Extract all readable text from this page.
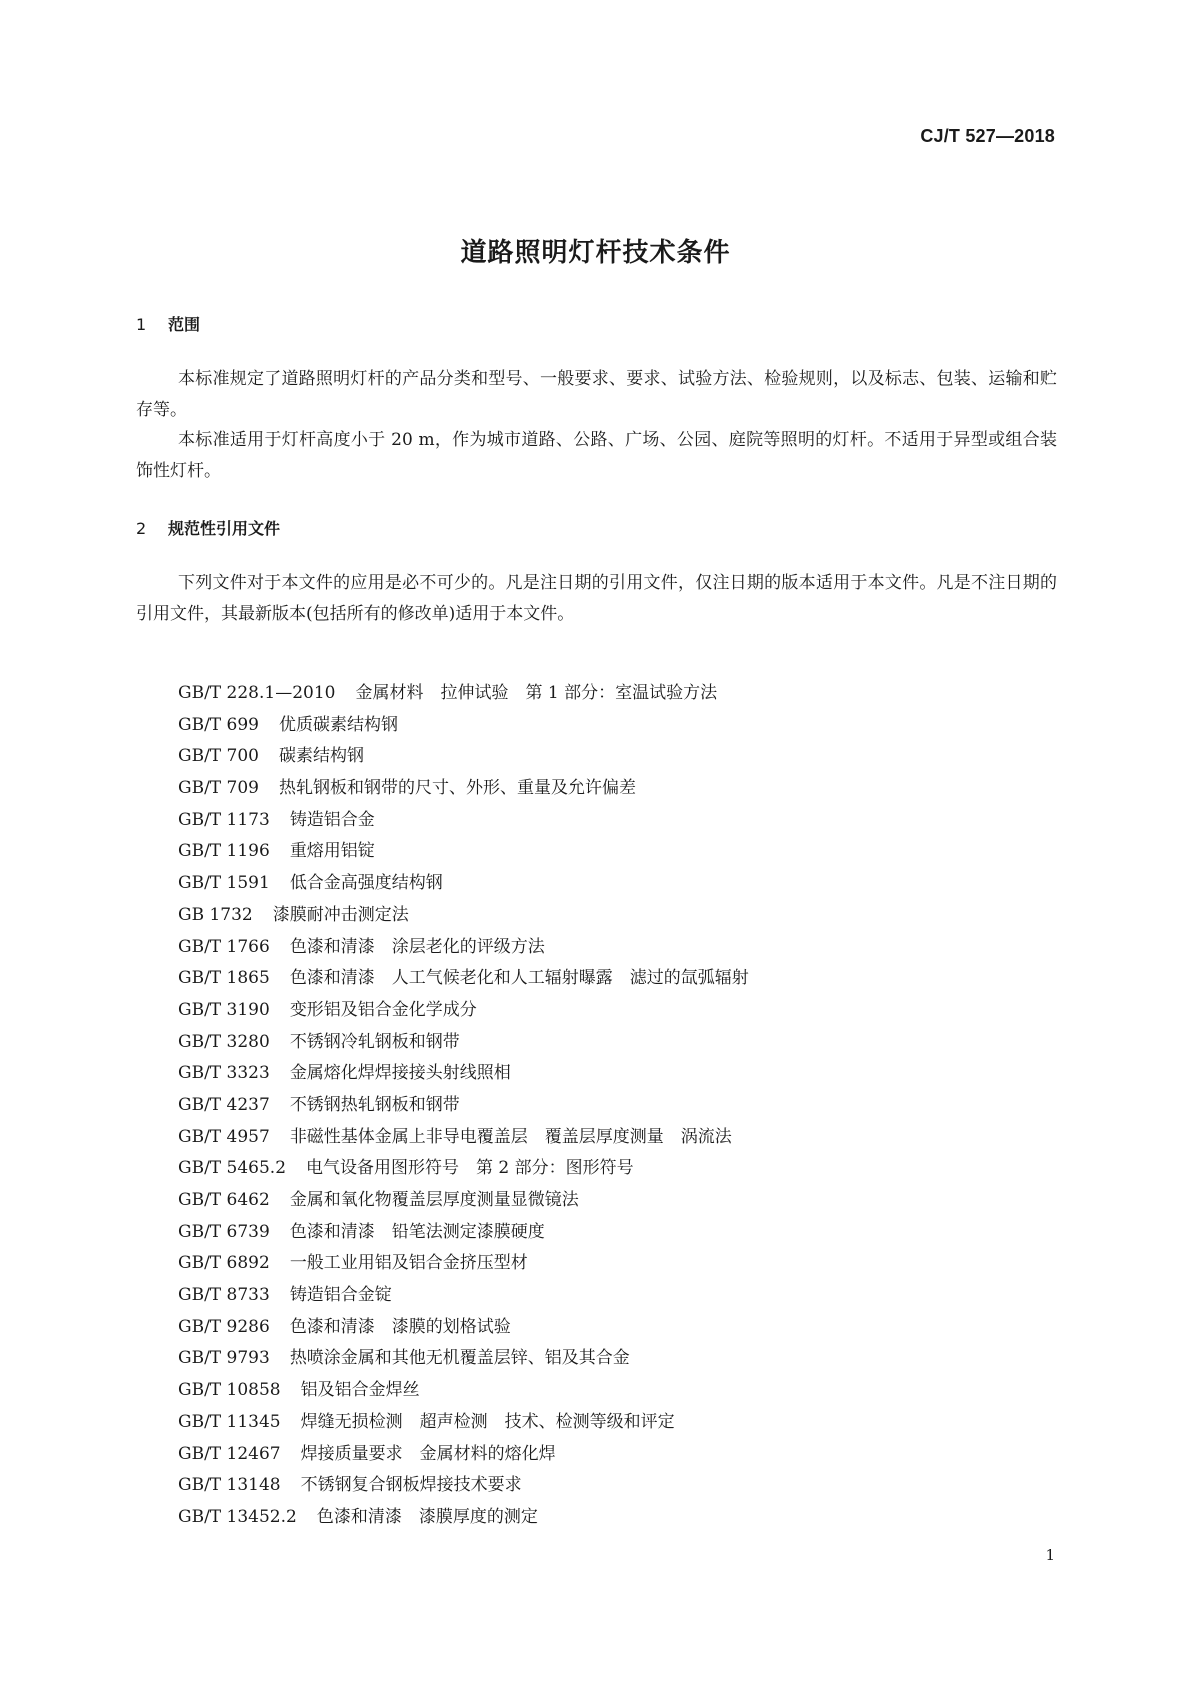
CJ/T 527—2018
道路照明灯杆技术条件
1 范围

本标准规定了道路照明灯杆的产品分类和型号、一般要求、要求、试验方法、检验规则，以及标志、包装、运输和贮存等。

本标准适用于灯杆高度小于 20 m，作为城市道路、公路、广场、公园、庭院等照明的灯杆。不适用于异型或组合装饰性灯杆。

2 规范性引用文件

下列文件对于本文件的应用是必不可少的。凡是注日期的引用文件，仅注日期的版本适用于本文件。凡是不注日期的引用文件，其最新版本(包括所有的修改单)适用于本文件。

GB/T 228.1—2010 金属材料　拉伸试验　第 1 部分：室温试验方法
GB/T 699 优质碳素结构钢
GB/T 700 碳素结构钢
GB/T 709 热轧钢板和钢带的尺寸、外形、重量及允许偏差
GB/T 1173 铸造铝合金
GB/T 1196 重熔用铝锭
GB/T 1591 低合金高强度结构钢
GB 1732 漆膜耐冲击测定法
GB/T 1766 色漆和清漆　涂层老化的评级方法
GB/T 1865 色漆和清漆　人工气候老化和人工辐射曝露　滤过的氙弧辐射
GB/T 3190 变形铝及铝合金化学成分
GB/T 3280 不锈钢冷轧钢板和钢带
GB/T 3323 金属熔化焊焊接接头射线照相
GB/T 4237 不锈钢热轧钢板和钢带
GB/T 4957 非磁性基体金属上非导电覆盖层　覆盖层厚度测量　涡流法
GB/T 5465.2 电气设备用图形符号　第 2 部分：图形符号
GB/T 6462 金属和氧化物覆盖层厚度测量显微镜法
GB/T 6739 色漆和清漆　铅笔法测定漆膜硬度
GB/T 6892 一般工业用铝及铝合金挤压型材
GB/T 8733 铸造铝合金锭
GB/T 9286 色漆和清漆　漆膜的划格试验
GB/T 9793 热喷涂金属和其他无机覆盖层锌、铝及其合金
GB/T 10858 铝及铝合金焊丝
GB/T 11345 焊缝无损检测　超声检测　技术、检测等级和评定
GB/T 12467 焊接质量要求　金属材料的熔化焊
GB/T 13148 不锈钢复合钢板焊接技术要求
GB/T 13452.2 色漆和清漆　漆膜厚度的测定
1
